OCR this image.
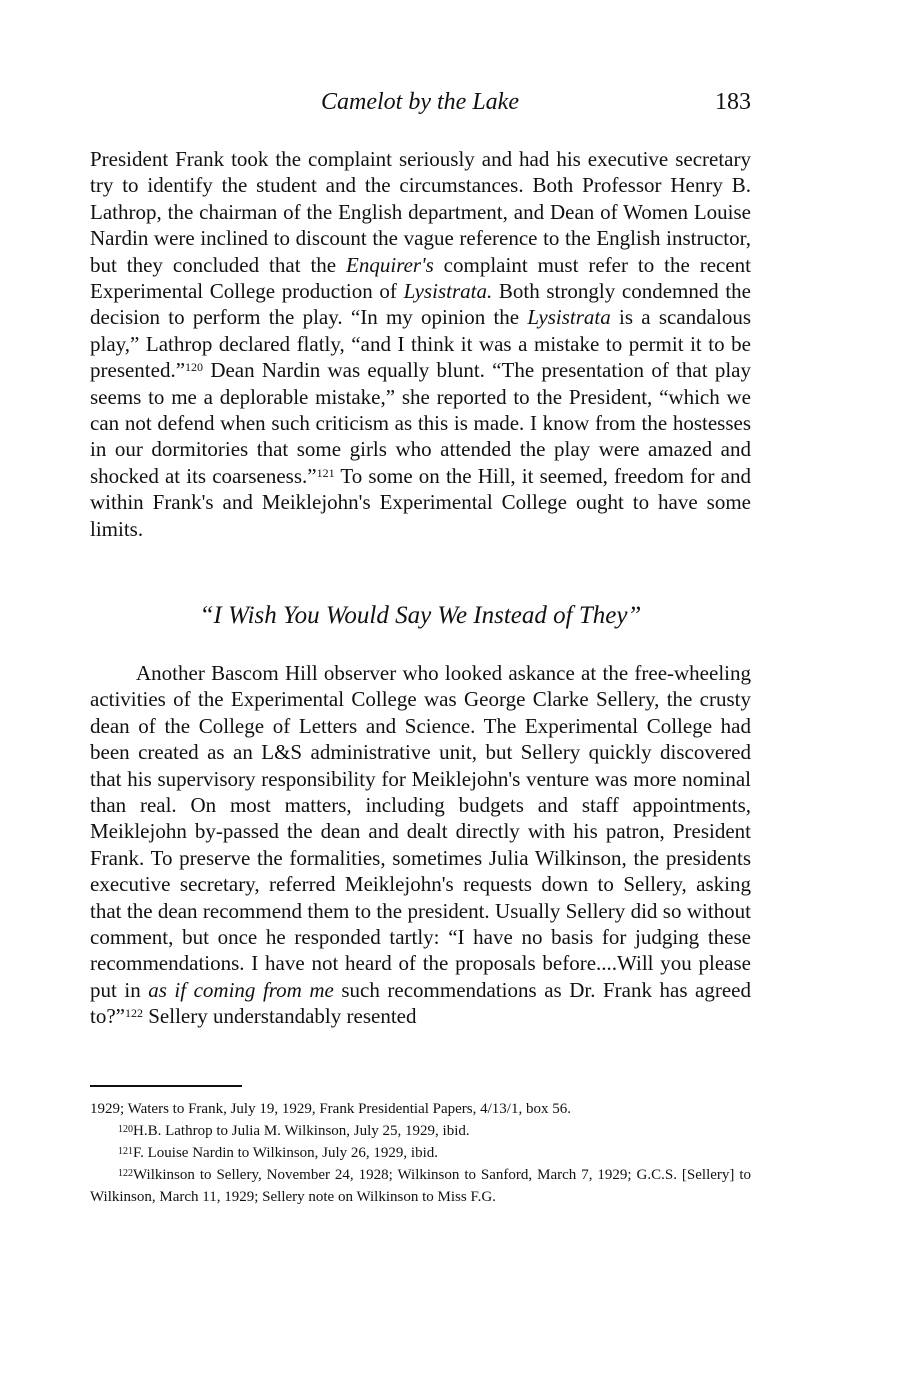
Camelot by the Lake	183
President Frank took the complaint seriously and had his executive secretary try to identify the student and the circumstances. Both Professor Henry B. Lathrop, the chairman of the English department, and Dean of Women Louise Nardin were inclined to discount the vague reference to the English instructor, but they concluded that the Enquirer's complaint must refer to the recent Experimental College production of Lysistrata. Both strongly condemned the decision to perform the play. “In my opinion the Lysistrata is a scandalous play,” Lathrop declared flatly, “and I think it was a mistake to permit it to be presented.”$^{120}$ Dean Nardin was equally blunt. “The presentation of that play seems to me a deplorable mistake,” she reported to the President, “which we can not defend when such criticism as this is made. I know from the hostesses in our dormitories that some girls who attended the play were amazed and shocked at its coarseness.”$^{121}$ To some on the Hill, it seemed, freedom for and within Frank's and Meiklejohn's Experimental College ought to have some limits.
“I Wish You Would Say We Instead of They”
Another Bascom Hill observer who looked askance at the free-wheeling activities of the Experimental College was George Clarke Sellery, the crusty dean of the College of Letters and Science. The Experimental College had been created as an L&S administrative unit, but Sellery quickly discovered that his supervisory responsibility for Meiklejohn's venture was more nominal than real. On most matters, including budgets and staff appointments, Meiklejohn by-passed the dean and dealt directly with his patron, President Frank. To preserve the formalities, sometimes Julia Wilkinson, the presidents executive secretary, referred Meiklejohn's requests down to Sellery, asking that the dean recommend them to the president. Usually Sellery did so without comment, but once he responded tartly: “I have no basis for judging these recommendations. I have not heard of the proposals before....Will you please put in as if coming from me such recommendations as Dr. Frank has agreed to?”$^{122}$ Sellery understandably resented

1929; Waters to Frank, July 19, 1929, Frank Presidential Papers, 4/13/1, box 56.

$^{120}$H.B. Lathrop to Julia M. Wilkinson, July 25, 1929, ibid.

$^{121}$F. Louise Nardin to Wilkinson, July 26, 1929, ibid.

$^{122}$Wilkinson to Sellery, November 24, 1928; Wilkinson to Sanford, March 7, 1929; G.C.S. [Sellery] to Wilkinson, March 11, 1929; Sellery note on Wilkinson to Miss F.G.
